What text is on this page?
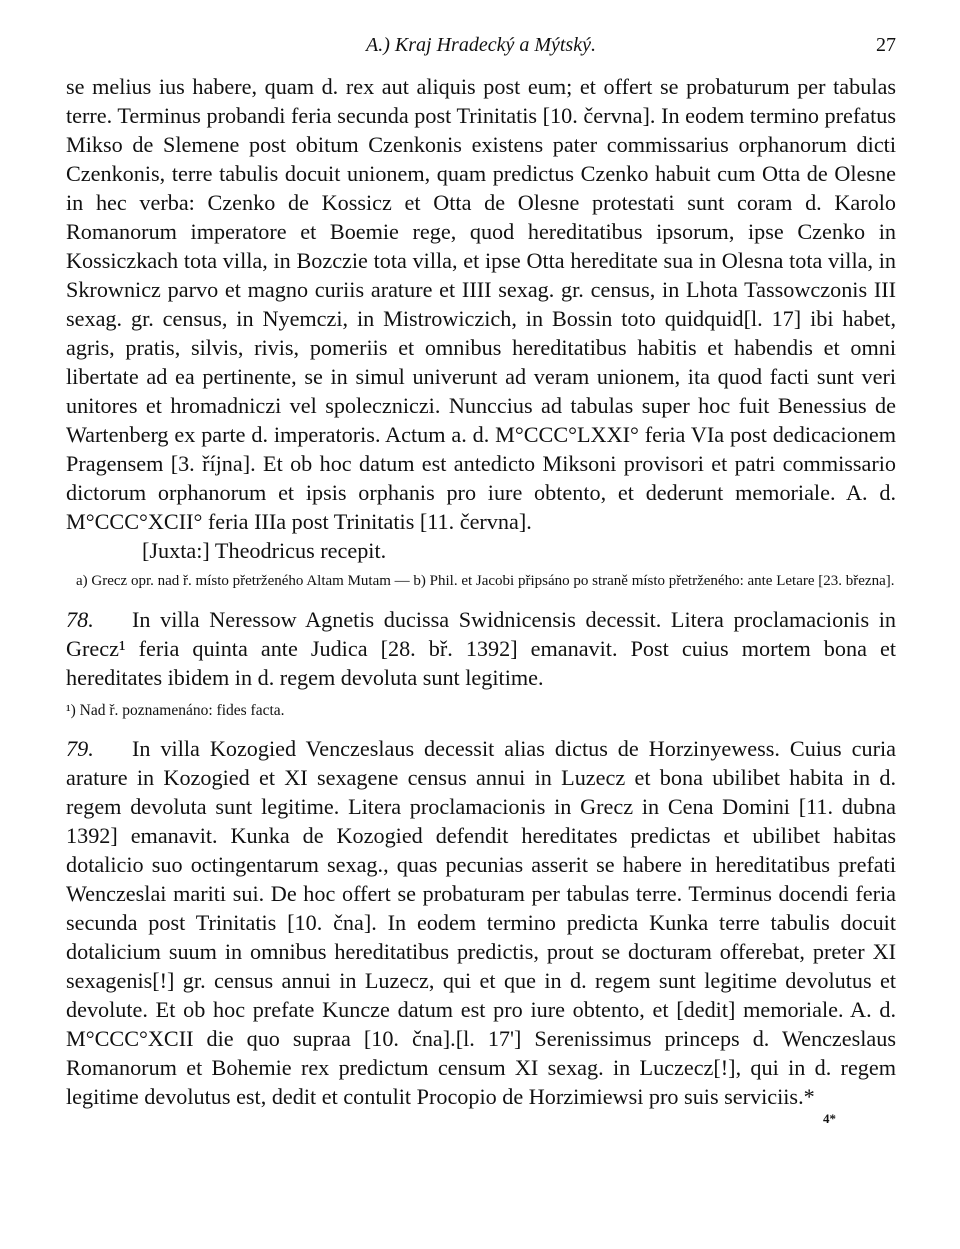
A.) Kraj Hradecký a Mýtský.	27

se melius ius habere, quam d. rex aut aliquis post eum; et offert se probaturum per tabulas terre. Terminus probandi feria secunda post Trinitatis [10. června]. In eodem termino prefatus Mikso de Slemene post obitum Czenkonis existens pater commissarius orphanorum dicti Czenkonis, terre tabulis docuit unionem, quam predictus Czenko habuit cum Otta de Olesne in hec verba: Czenko de Kossicz et Otta de Olesne protestati sunt coram d. Karolo Romanorum imperatore et Boemie rege, quod hereditatibus ipsorum, ipse Czenko in Kossiczkach tota villa, in Bozczie tota villa, et ipse Otta hereditate sua in Olesna tota villa, in Skrownicz parvo et magno curiis arature et IIII sexag. gr. census, in Lhota Tassowczonis III sexag. gr. census, in Nyemczi, in Mistrowiczich, in Bossin toto quidquid[l. 17] ibi habet, agris, pratis, silvis, rivis, pomeriis et omnibus hereditatibus habitis et habendis et omni libertate ad ea pertinente, se in simul univerunt ad veram unionem, ita quod facti sunt veri unitores et hromadniczi vel spoleczniczi. Nunccius ad tabulas super hoc fuit Benessius de Wartenberg ex parte d. imperatoris. Actum a. d. M°CCC°LXXI° feria VIa post dedicacionem Pragensem [3. října]. Et ob hoc datum est antedicto Miksoni provisori et patri commissario dictorum orphanorum et ipsis orphanis pro iure obtento, et dederunt memoriale. A. d. M°CCC°XCII° feria IIIa post Trinitatis [11. června].

[Juxta:] Theodricus recepit.
a) Grecz opr. nad ř. místo přetrženého Altam Mutam — b) Phil. et Jacobi připsáno po straně místo přetrženého: ante Letare [23. března].
78. In villa Neressow Agnetis ducissa Swidnicensis decessit. Litera proclamacionis in Grecz¹ feria quinta ante Judica [28. bř. 1392] emanavit. Post cuius mortem bona et hereditates ibidem in d. regem devoluta sunt legitime.
¹) Nad ř. poznamenáno: fides facta.
79. In villa Kozogied Venczeslaus decessit alias dictus de Horzinyewess. Cuius curia arature in Kozogied et XI sexagene census annui in Luzecz et bona ubilibet habita in d. regem devoluta sunt legitime. Litera proclamacionis in Grecz in Cena Domini [11. dubna 1392] emanavit. Kunka de Kozogied defendit hereditates predictas et ubilibet habitas dotalicio suo octingentarum sexag., quas pecunias asserit se habere in hereditatibus prefati Wenczeslai mariti sui. De hoc offert se probaturam per tabulas terre. Terminus docendi feria secunda post Trinitatis [10. čna]. In eodem termino predicta Kunka terre tabulis docuit dotalicium suum in omnibus hereditatibus predictis, prout se docturam offerebat, preter XI sexagenis[!] gr. census annui in Luzecz, qui et que in d. regem sunt legitime devolutus et devolute. Et ob hoc prefate Kuncze datum est pro iure obtento, et [dedit] memoriale. A. d. M°CCC°XCII die quo suprаa [10. čna].[l. 17'] Serenissimus princeps d. Wenczeslaus Romanorum et Bohemie rex predictum censum XI sexag. in Luczecz[!], qui in d. regem legitime devolutus est, dedit et contulit Procopio de Horzimiewsi pro suis serviciis.*
4*
